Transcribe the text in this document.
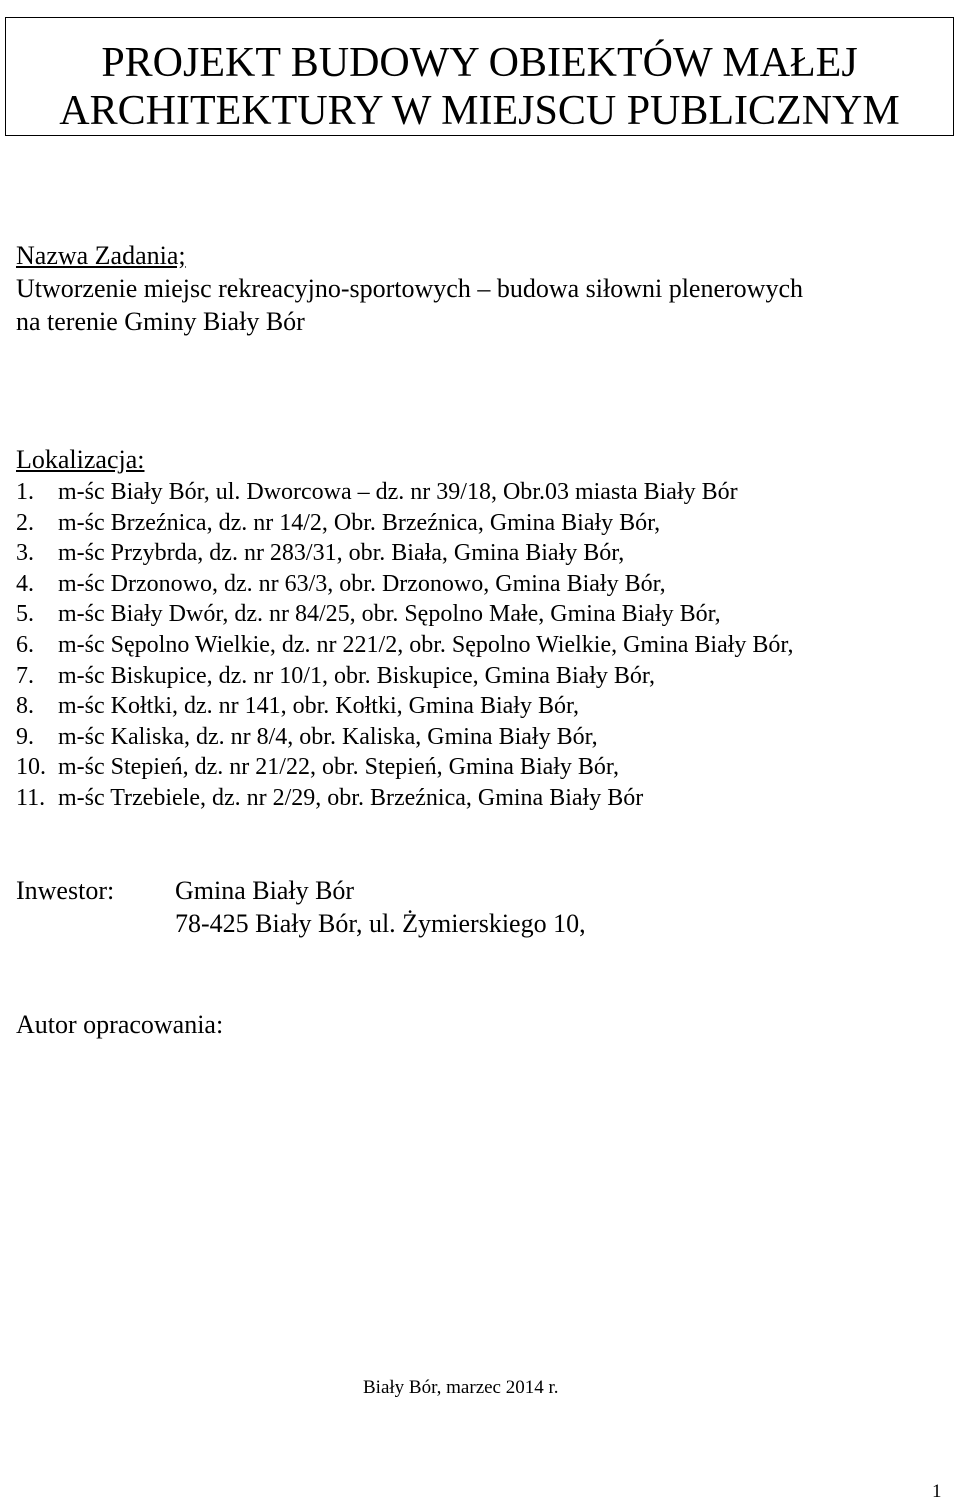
PROJEKT BUDOWY OBIEKTÓW MAŁEJ
ARCHITEKTURY W MIEJSCU PUBLICZNYM
Nazwa Zadania;
Utworzenie miejsc rekreacyjno-sportowych – budowa siłowni plenerowych
na terenie Gminy Biały Bór
Lokalizacja:
1.	m-śc Biały Bór, ul. Dworcowa – dz. nr 39/18, Obr.03 miasta Biały Bór
2.	m-śc Brzeźnica, dz. nr 14/2, Obr. Brzeźnica, Gmina Biały Bór,
3.	m-śc Przybrda, dz. nr 283/31, obr. Biała, Gmina Biały Bór,
4.	m-śc Drzonowo, dz. nr 63/3, obr. Drzonowo, Gmina Biały Bór,
5.	m-śc Biały Dwór, dz. nr 84/25, obr. Sępolno Małe, Gmina Biały Bór,
6.	m-śc Sępolno Wielkie, dz. nr 221/2, obr. Sępolno Wielkie, Gmina Biały Bór,
7.	m-śc Biskupice, dz. nr 10/1, obr. Biskupice, Gmina Biały Bór,
8.	m-śc Kołtki, dz. nr 141, obr. Kołtki, Gmina Biały Bór,
9.	m-śc Kaliska, dz. nr 8/4, obr. Kaliska, Gmina Biały Bór,
10. m-śc Stepień, dz. nr 21/22, obr. Stepień, Gmina Biały Bór,
11. m-śc Trzebiele, dz. nr 2/29, obr. Brzeźnica, Gmina Biały Bór
Inwestor: Gmina Biały Bór
78-425 Biały Bór, ul. Żymierskiego 10,
Autor opracowania:
Biały Bór, marzec 2014 r.
1
